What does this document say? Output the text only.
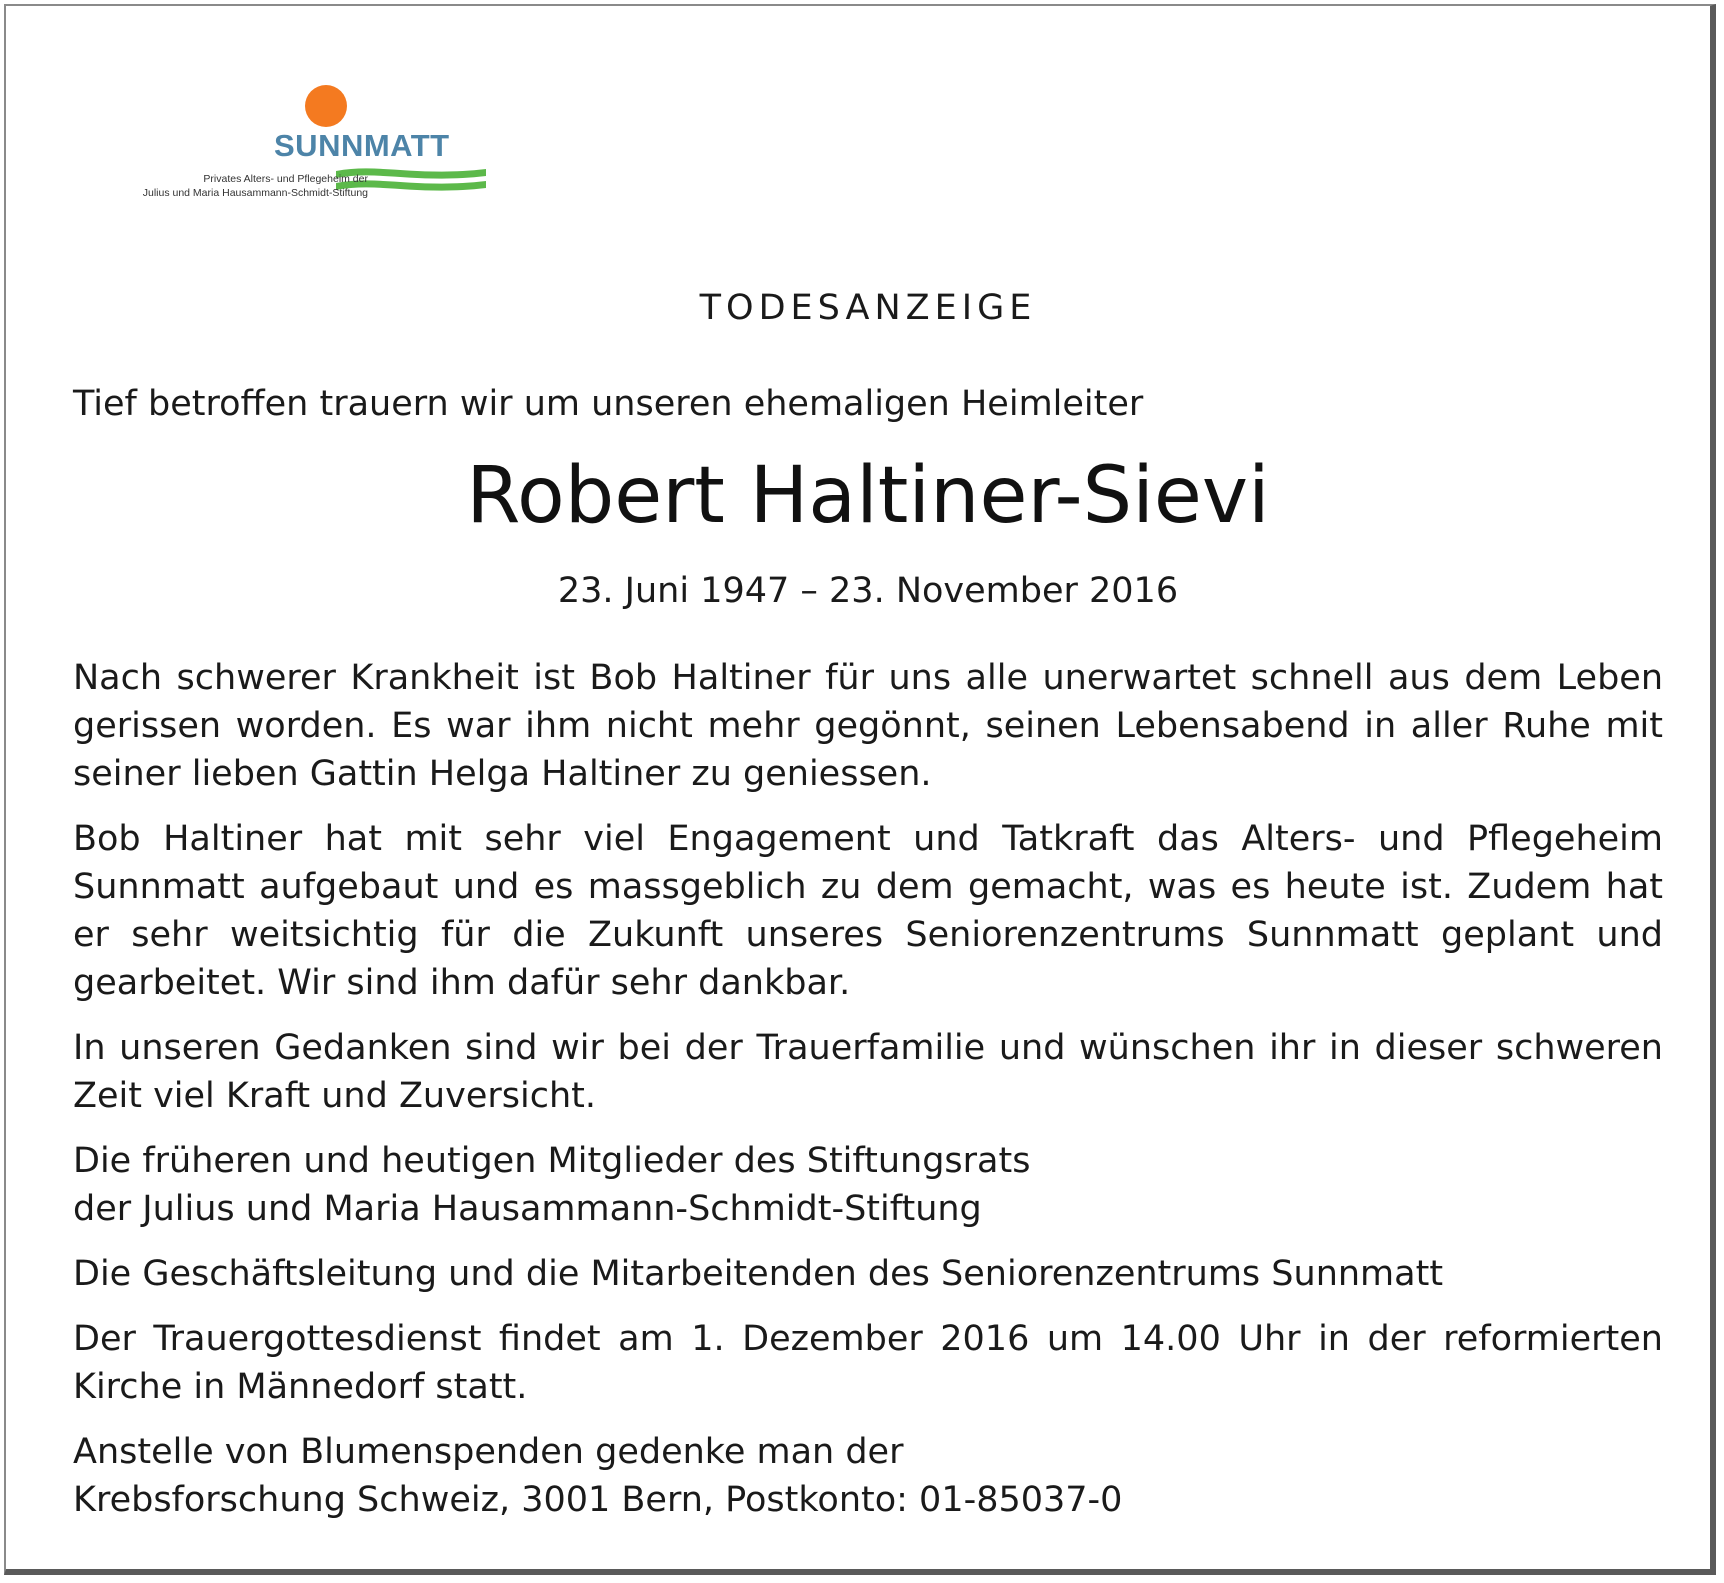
SUNNMATT
Privates Alters- und Pflegeheim der
Julius und Maria Hausammann-Schmidt-Stiftung
TODESANZEIGE
Tief betroffen trauern wir um unseren ehemaligen Heimleiter
Robert Haltiner-Sievi
23. Juni 1947 – 23. November 2016

Nach schwerer Krankheit ist Bob Haltiner für uns alle unerwartet schnell aus dem Leben gerissen worden. Es war ihm nicht mehr gegönnt, seinen Lebensabend in aller Ruhe mit seiner lieben Gattin Helga Haltiner zu geniessen.

Bob Haltiner hat mit sehr viel Engagement und Tatkraft das Alters- und Pflegeheim Sunnmatt aufgebaut und es massgeblich zu dem gemacht, was es heute ist. Zudem hat er sehr weitsichtig für die Zukunft unseres Seniorenzentrums Sunnmatt geplant und gearbeitet. Wir sind ihm dafür sehr dankbar.

In unseren Gedanken sind wir bei der Trauerfamilie und wünschen ihr in dieser schweren Zeit viel Kraft und Zuversicht.

Die früheren und heutigen Mitglieder des Stiftungsrats
der Julius und Maria Hausammann-Schmidt-Stiftung

Die Geschäftsleitung und die Mitarbeitenden des Seniorenzentrums Sunnmatt

Der Trauergottesdienst findet am 1. Dezember 2016 um 14.00 Uhr in der reformierten Kirche in Männedorf statt.

Anstelle von Blumenspenden gedenke man der
Krebsforschung Schweiz, 3001 Bern, Postkonto: 01-85037-0
